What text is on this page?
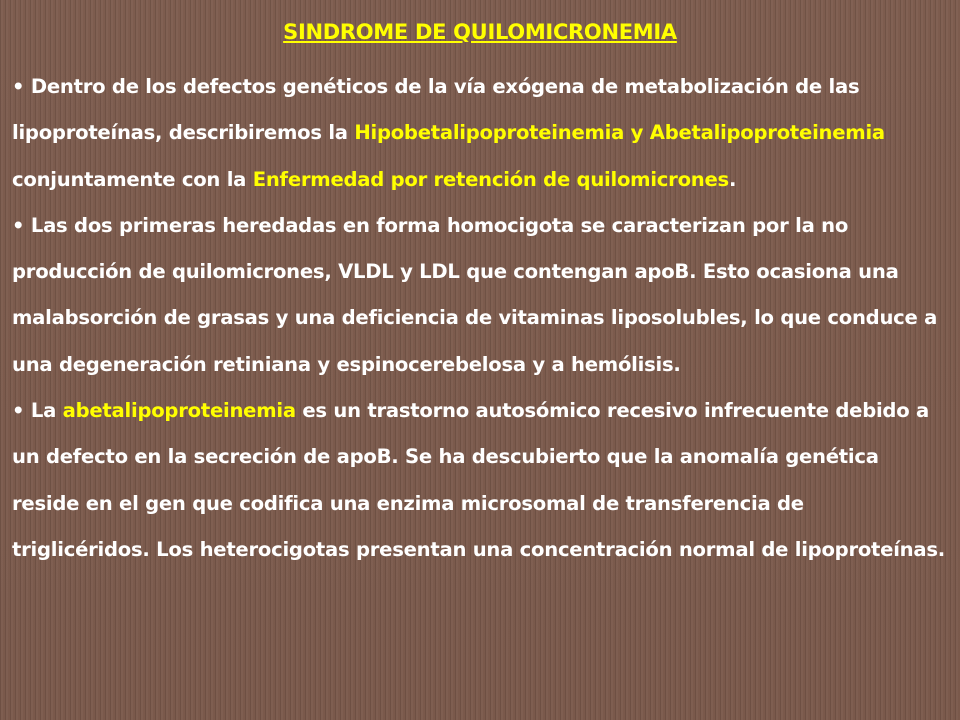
SINDROME DE QUILOMICRONEMIA

• Dentro de los defectos genéticos de la vía exógena de metabolización de las lipoproteínas, describiremos la Hipobetalipoproteinemia y Abetalipoproteinemia conjuntamente con la Enfermedad por retención de quilomicrones.

• Las dos primeras heredadas en forma homocigota se caracterizan por la no producción de quilomicrones, VLDL y LDL que contengan apoB. Esto ocasiona una malabsorción de grasas y una deficiencia de vitaminas liposolubles, lo que conduce a una degeneración retiniana y espinocerebelosa y a hemólisis.

• La abetalipoproteinemia es un trastorno autosómico recesivo infrecuente debido a un defecto en la secreción de apoB. Se ha descubierto que la anomalía genética reside en el gen que codifica una enzima microsomal de transferencia de triglicéridos. Los heterocigotas presentan una concentración normal de lipoproteínas.
